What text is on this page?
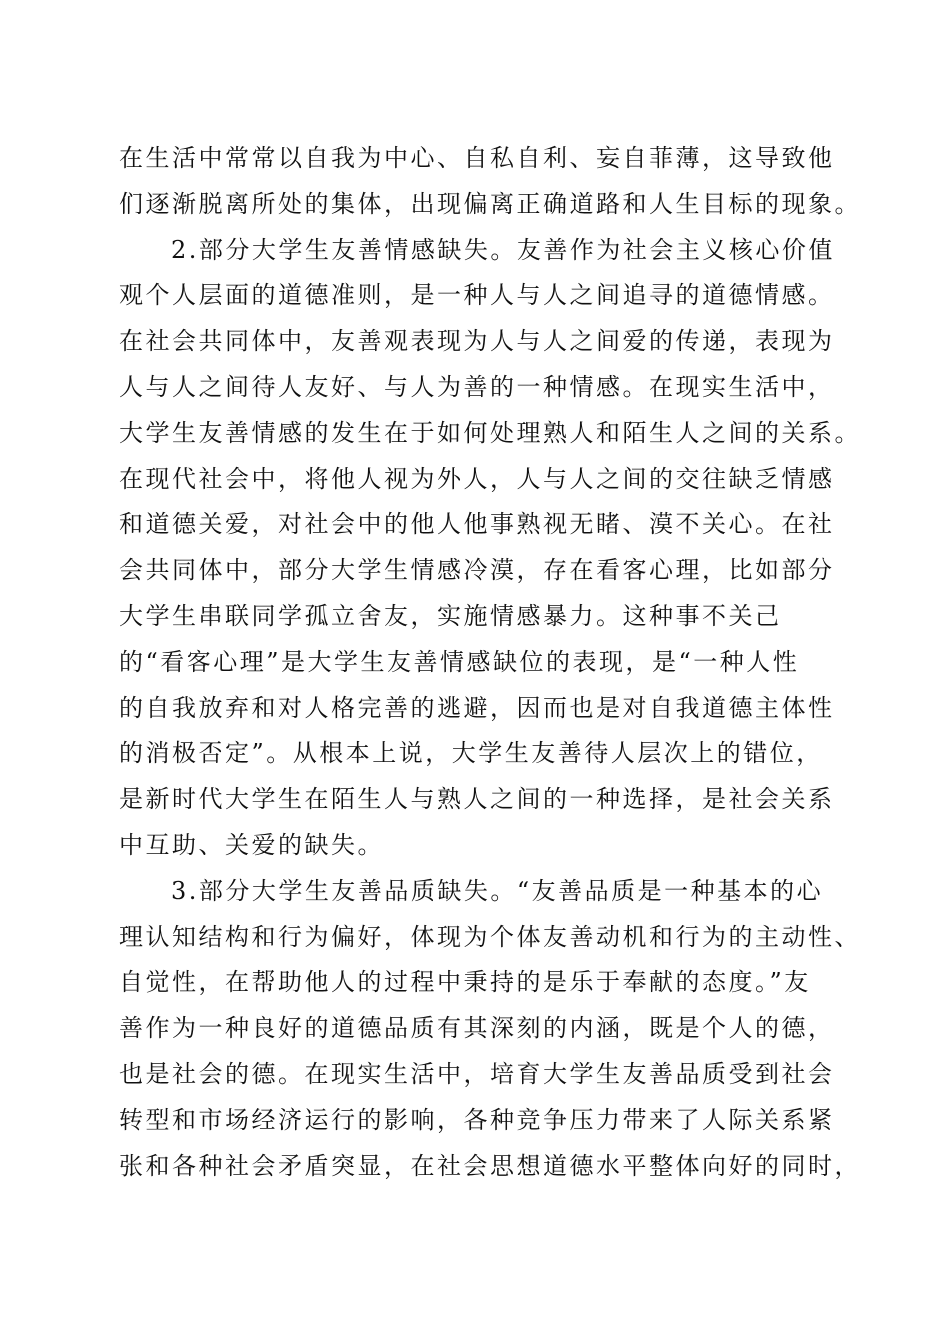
在生活中常常以自我为中心、自私自利、妄自菲薄，这导致他
们逐渐脱离所处的集体，出现偏离正确道路和人生目标的现象。
2.部分大学生友善情感缺失。友善作为社会主义核心价值
观个人层面的道德准则，是一种人与人之间追寻的道德情感。
在社会共同体中，友善观表现为人与人之间爱的传递，表现为
人与人之间待人友好、与人为善的一种情感。在现实生活中，
大学生友善情感的发生在于如何处理熟人和陌生人之间的关系。
在现代社会中，将他人视为外人，人与人之间的交往缺乏情感
和道德关爱，对社会中的他人他事熟视无睹、漠不关心。在社
会共同体中，部分大学生情感冷漠，存在看客心理，比如部分
大学生串联同学孤立舍友，实施情感暴力。这种事不关己
的“看客心理”是大学生友善情感缺位的表现，是“一种人性
的自我放弃和对人格完善的逃避，因而也是对自我道德主体性
的消极否定”。从根本上说，大学生友善待人层次上的错位，
是新时代大学生在陌生人与熟人之间的一种选择，是社会关系
中互助、关爱的缺失。
3.部分大学生友善品质缺失。“友善品质是一种基本的心
理认知结构和行为偏好，体现为个体友善动机和行为的主动性、
自觉性，在帮助他人的过程中秉持的是乐于奉献的态度。”友
善作为一种良好的道德品质有其深刻的内涵，既是个人的德，
也是社会的德。在现实生活中，培育大学生友善品质受到社会
转型和市场经济运行的影响，各种竞争压力带来了人际关系紧
张和各种社会矛盾突显，在社会思想道德水平整体向好的同时，
